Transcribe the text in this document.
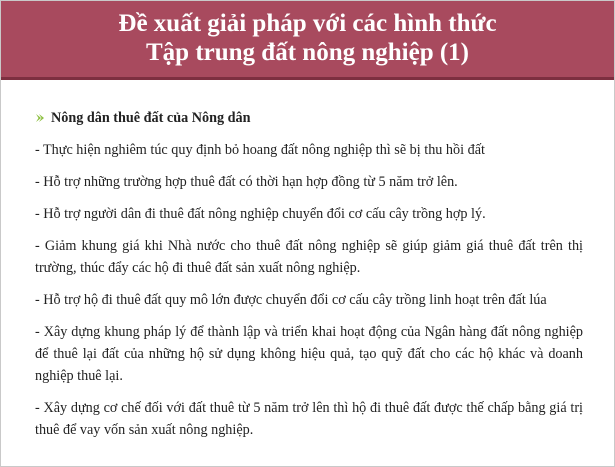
Đề xuất giải pháp với các hình thức
Tập trung đất nông nghiệp (1)
Nông dân thuê đất của Nông dân

- Thực hiện nghiêm túc quy định bỏ hoang đất nông nghiệp thì sẽ bị thu hồi đất

- Hỗ trợ những trường hợp thuê đất có thời hạn hợp đồng từ 5 năm trở lên.

- Hỗ trợ người dân đi thuê đất nông nghiệp chuyển đổi cơ cấu cây trồng hợp lý.

- Giảm khung giá khi Nhà nước cho thuê đất nông nghiệp sẽ giúp giảm giá thuê đất trên thị trường, thúc đẩy các hộ đi thuê đất sản xuất nông nghiệp.

- Hỗ trợ hộ đi thuê đất quy mô lớn được chuyển đổi cơ cấu cây trồng linh hoạt trên đất lúa

- Xây dựng khung pháp lý để thành lập và triển khai hoạt động của Ngân hàng đất nông nghiệp để thuê lại đất của những hộ sử dụng không hiệu quả, tạo quỹ đất cho các hộ khác và doanh nghiệp thuê lại.

- Xây dựng cơ chế đối với đất thuê từ 5 năm trở lên thì hộ đi thuê đất được thế chấp bằng giá trị thuê để vay vốn sản xuất nông nghiệp.
